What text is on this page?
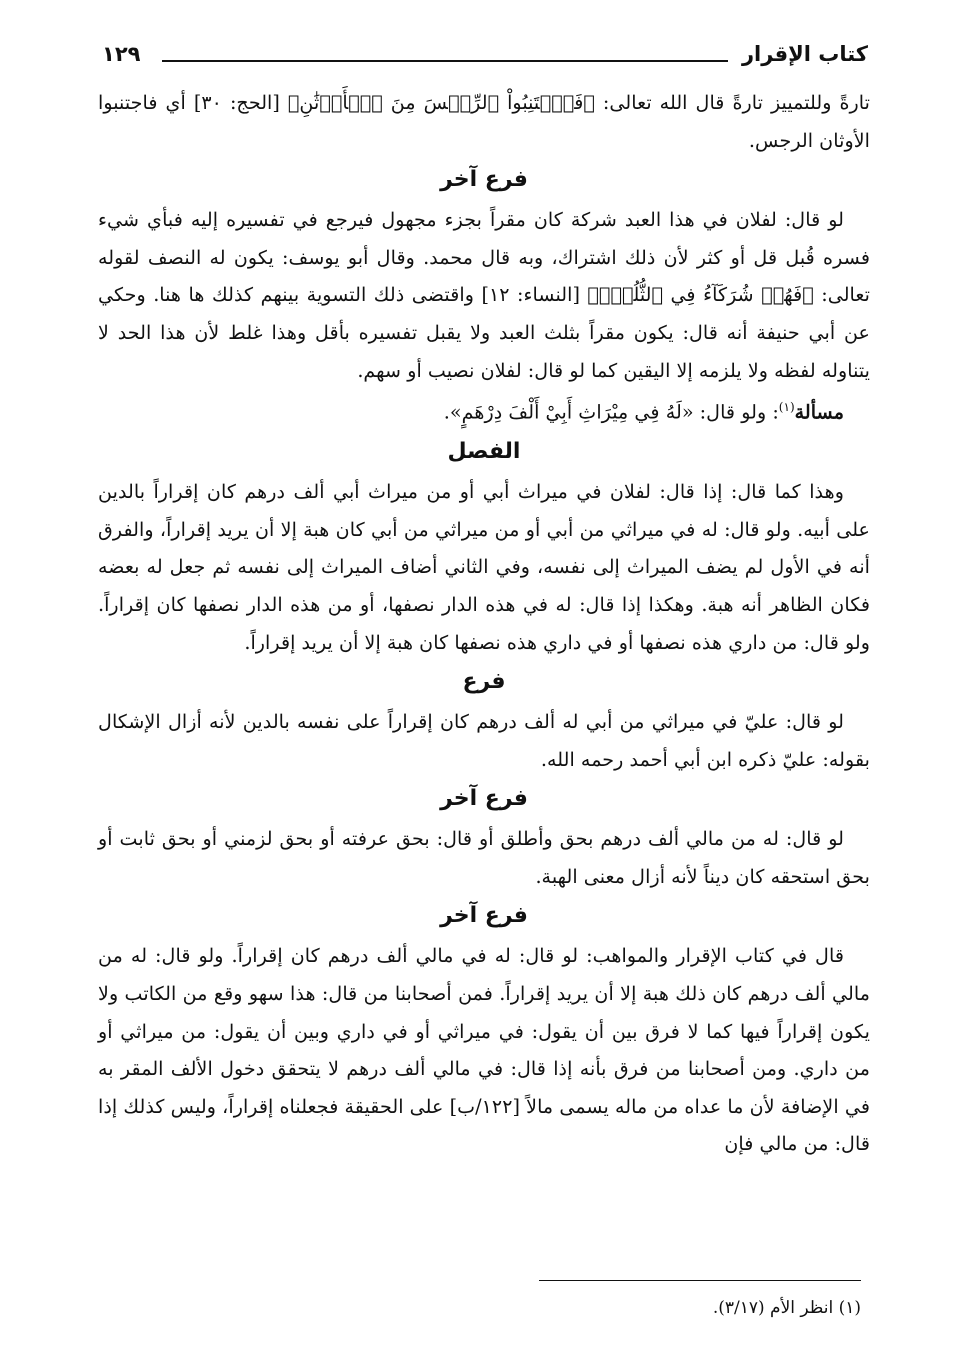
كتاب الإقرار
١٢٩

تارةً وللتمييز تارةً قال الله تعالى: ﴿فَٱجۡتَنِبُواْ ٱلرِّجۡسَ مِنَ ٱلۡأَوۡثَٰنِ﴾ [الحج: ٣٠] أي فاجتنبوا الأوثان الرجس.

فرع آخر

لو قال: لفلان في هذا العبد شركة كان مقراً بجزء مجهول فيرجع في تفسيره إليه فبأي شيء فسره قُبل قل أو كثر لأن ذلك اشتراك، وبه قال محمد. وقال أبو يوسف: يكون له النصف لقوله تعالى: ﴿فَهُمۡ شُرَكَآءُ فِي ٱلثُّلُثِۚ﴾ [النساء: ١٢] واقتضى ذلك التسوية بينهم كذلك ها هنا. وحكي عن أبي حنيفة أنه قال: يكون مقراً بثلث العبد ولا يقبل تفسيره بأقل وهذا غلط لأن هذا الحد لا يتناوله لفظه ولا يلزمه إلا اليقين كما لو قال: لفلان نصيب أو سهم.

مسألة$^{(١)}$: ولو قال: «لَهُ فِي مِيْرَاثِ أَبِيْ أَلْفَ دِرْهَمٍ».

الفصل

وهذا كما قال: إذا قال: لفلان في ميراث أبي أو من ميراث أبي ألف درهم كان إقراراً بالدين على أبيه. ولو قال: له في ميراثي من أبي أو من ميراثي من أبي كان هبة إلا أن يريد إقراراً، والفرق أنه في الأول لم يضف الميراث إلى نفسه، وفي الثاني أضاف الميراث إلى نفسه ثم جعل له بعضه فكان الظاهر أنه هبة. وهكذا إذا قال: له في هذه الدار نصفها، أو من هذه الدار نصفها كان إقراراً. ولو قال: من داري هذه نصفها أو في داري هذه نصفها كان هبة إلا أن يريد إقراراً.

فرع

لو قال: عليّ في ميراثي من أبي له ألف درهم كان إقراراً على نفسه بالدين لأنه أزال الإشكال بقوله: عليّ ذكره ابن أبي أحمد رحمه الله.

فرع آخر

لو قال: له من مالي ألف درهم بحق وأطلق أو قال: بحق عرفته أو بحق لزمني أو بحق ثابت أو بحق استحقه كان ديناً لأنه أزال معنى الهبة.

فرع آخر

قال في كتاب الإقرار والمواهب: لو قال: له في مالي ألف درهم كان إقراراً. ولو قال: له من مالي ألف درهم كان ذلك هبة إلا أن يريد إقراراً. فمن أصحابنا من قال: هذا سهو وقع من الكاتب ولا يكون إقراراً فيها كما لا فرق بين أن يقول: في ميراثي أو في داري وبين أن يقول: من ميراثي أو من داري. ومن أصحابنا من فرق بأنه إذا قال: في مالي ألف درهم لا يتحقق دخول الألف المقر به في الإضافة لأن ما عداه من ماله يسمى مالاً [١٢٢/ب] على الحقيقة فجعلناه إقراراً، وليس كذلك إذا قال: من مالي فإن

(١) انظر الأم (٣/١٧).
